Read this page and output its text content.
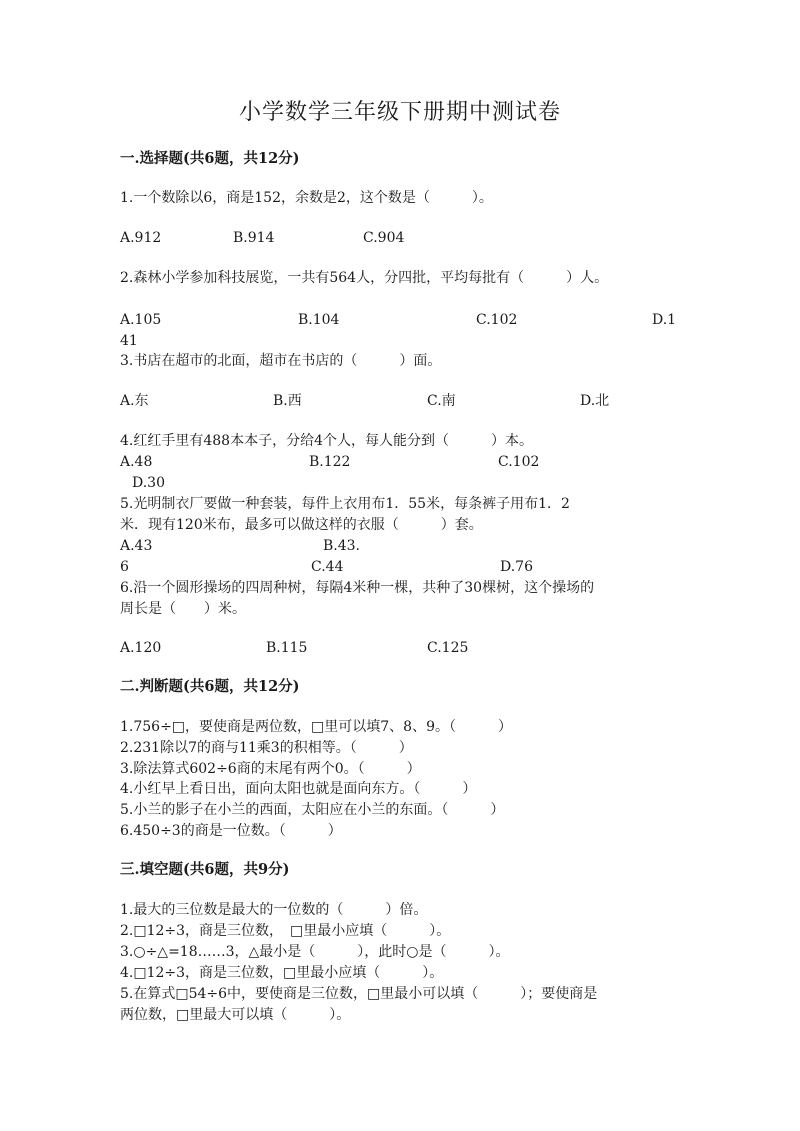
小学数学三年级下册期中测试卷
一.选择题(共6题，共12分)
1.一个数除以6，商是152，余数是2，这个数是（　　　）。
A.912	B.914	C.904
2.森林小学参加科技展览，一共有564人，分四批，平均每批有（　　　）人。
A.105	B.104	C.102	D.1
41
3.书店在超市的北面，超市在书店的（　　　）面。
A.东	B.西	C.南	D.北
4.红红手里有488本本子，分给4个人，每人能分到（　　　）本。
A.48	B.122	C.102
D.30
5.光明制衣厂要做一种套装，每件上衣用布1．55米，每条裤子用布1．2
米．现有120米布，最多可以做这样的衣服（　　　）套。
A.43	B.43.
6	C.44	D.76
6.沿一个圆形操场的四周种树，每隔4米种一棵，共种了30棵树，这个操场的
周长是（　　）米。
A.120	B.115	C.125
二.判断题(共6题，共12分)
1.756÷□，要使商是两位数，□里可以填7、8、9。（　　　）
2.231除以7的商与11乘3的积相等。（　　　）
3.除法算式602÷6商的末尾有两个0。（　　　）
4.小红早上看日出，面向太阳也就是面向东方。（　　　）
5.小兰的影子在小兰的西面，太阳应在小兰的东面。（　　　）
6.450÷3的商是一位数。（　　　）
三.填空题(共6题，共9分)
1.最大的三位数是最大的一位数的（　　　）倍。
2.□12÷3，商是三位数，　□里最小应填（　　　）。
3.○÷△=18……3，△最小是（　　　），此时○是（　　　）。
4.□12÷3，商是三位数，□里最小应填（　　　）。
5.在算式□54÷6中，要使商是三位数，□里最小可以填（　　　）；要使商是
两位数，□里最大可以填（　　　）。
